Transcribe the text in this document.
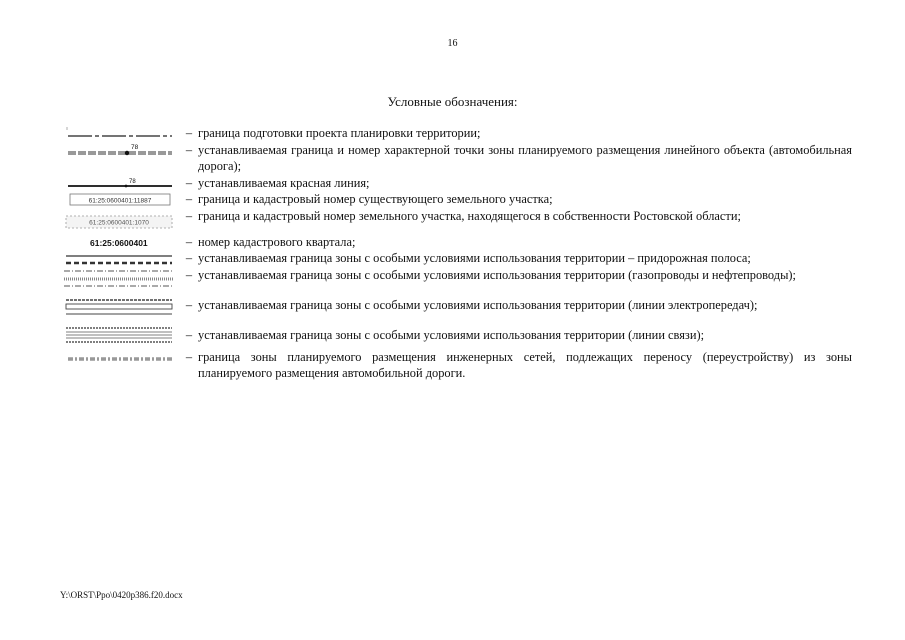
16
Условные обозначения:
– граница подготовки проекта планировки территории;
78	– устанавливаемая граница и номер характерной точки зоны планируемого размещения линейного объекта (автомобильная дорога);
78	– устанавливаемая красная линия;
61:25:0600401:11887	– граница и кадастровый номер существующего земельного участка;
61:25:0600401:1070	– граница и кадастровый номер земельного участка, находящегося в собственности Ростовской области;
61:25:0600401	– номер кадастрового квартала;
– устанавливаемая граница зоны с особыми условиями использования территории – придорожная полоса;
– устанавливаемая граница зоны с особыми условиями использования территории (газопроводы и нефтепроводы);
– устанавливаемая граница зоны с особыми условиями использования территории (линии электропередач);
– устанавливаемая граница зоны с особыми условиями использования территории (линии связи);
– граница зоны планируемого размещения инженерных сетей, подлежащих переносу (переустройству) из зоны планируемого размещения автомобильной дороги.
Y:\ORST\Ppo\0420p386.f20.docx
